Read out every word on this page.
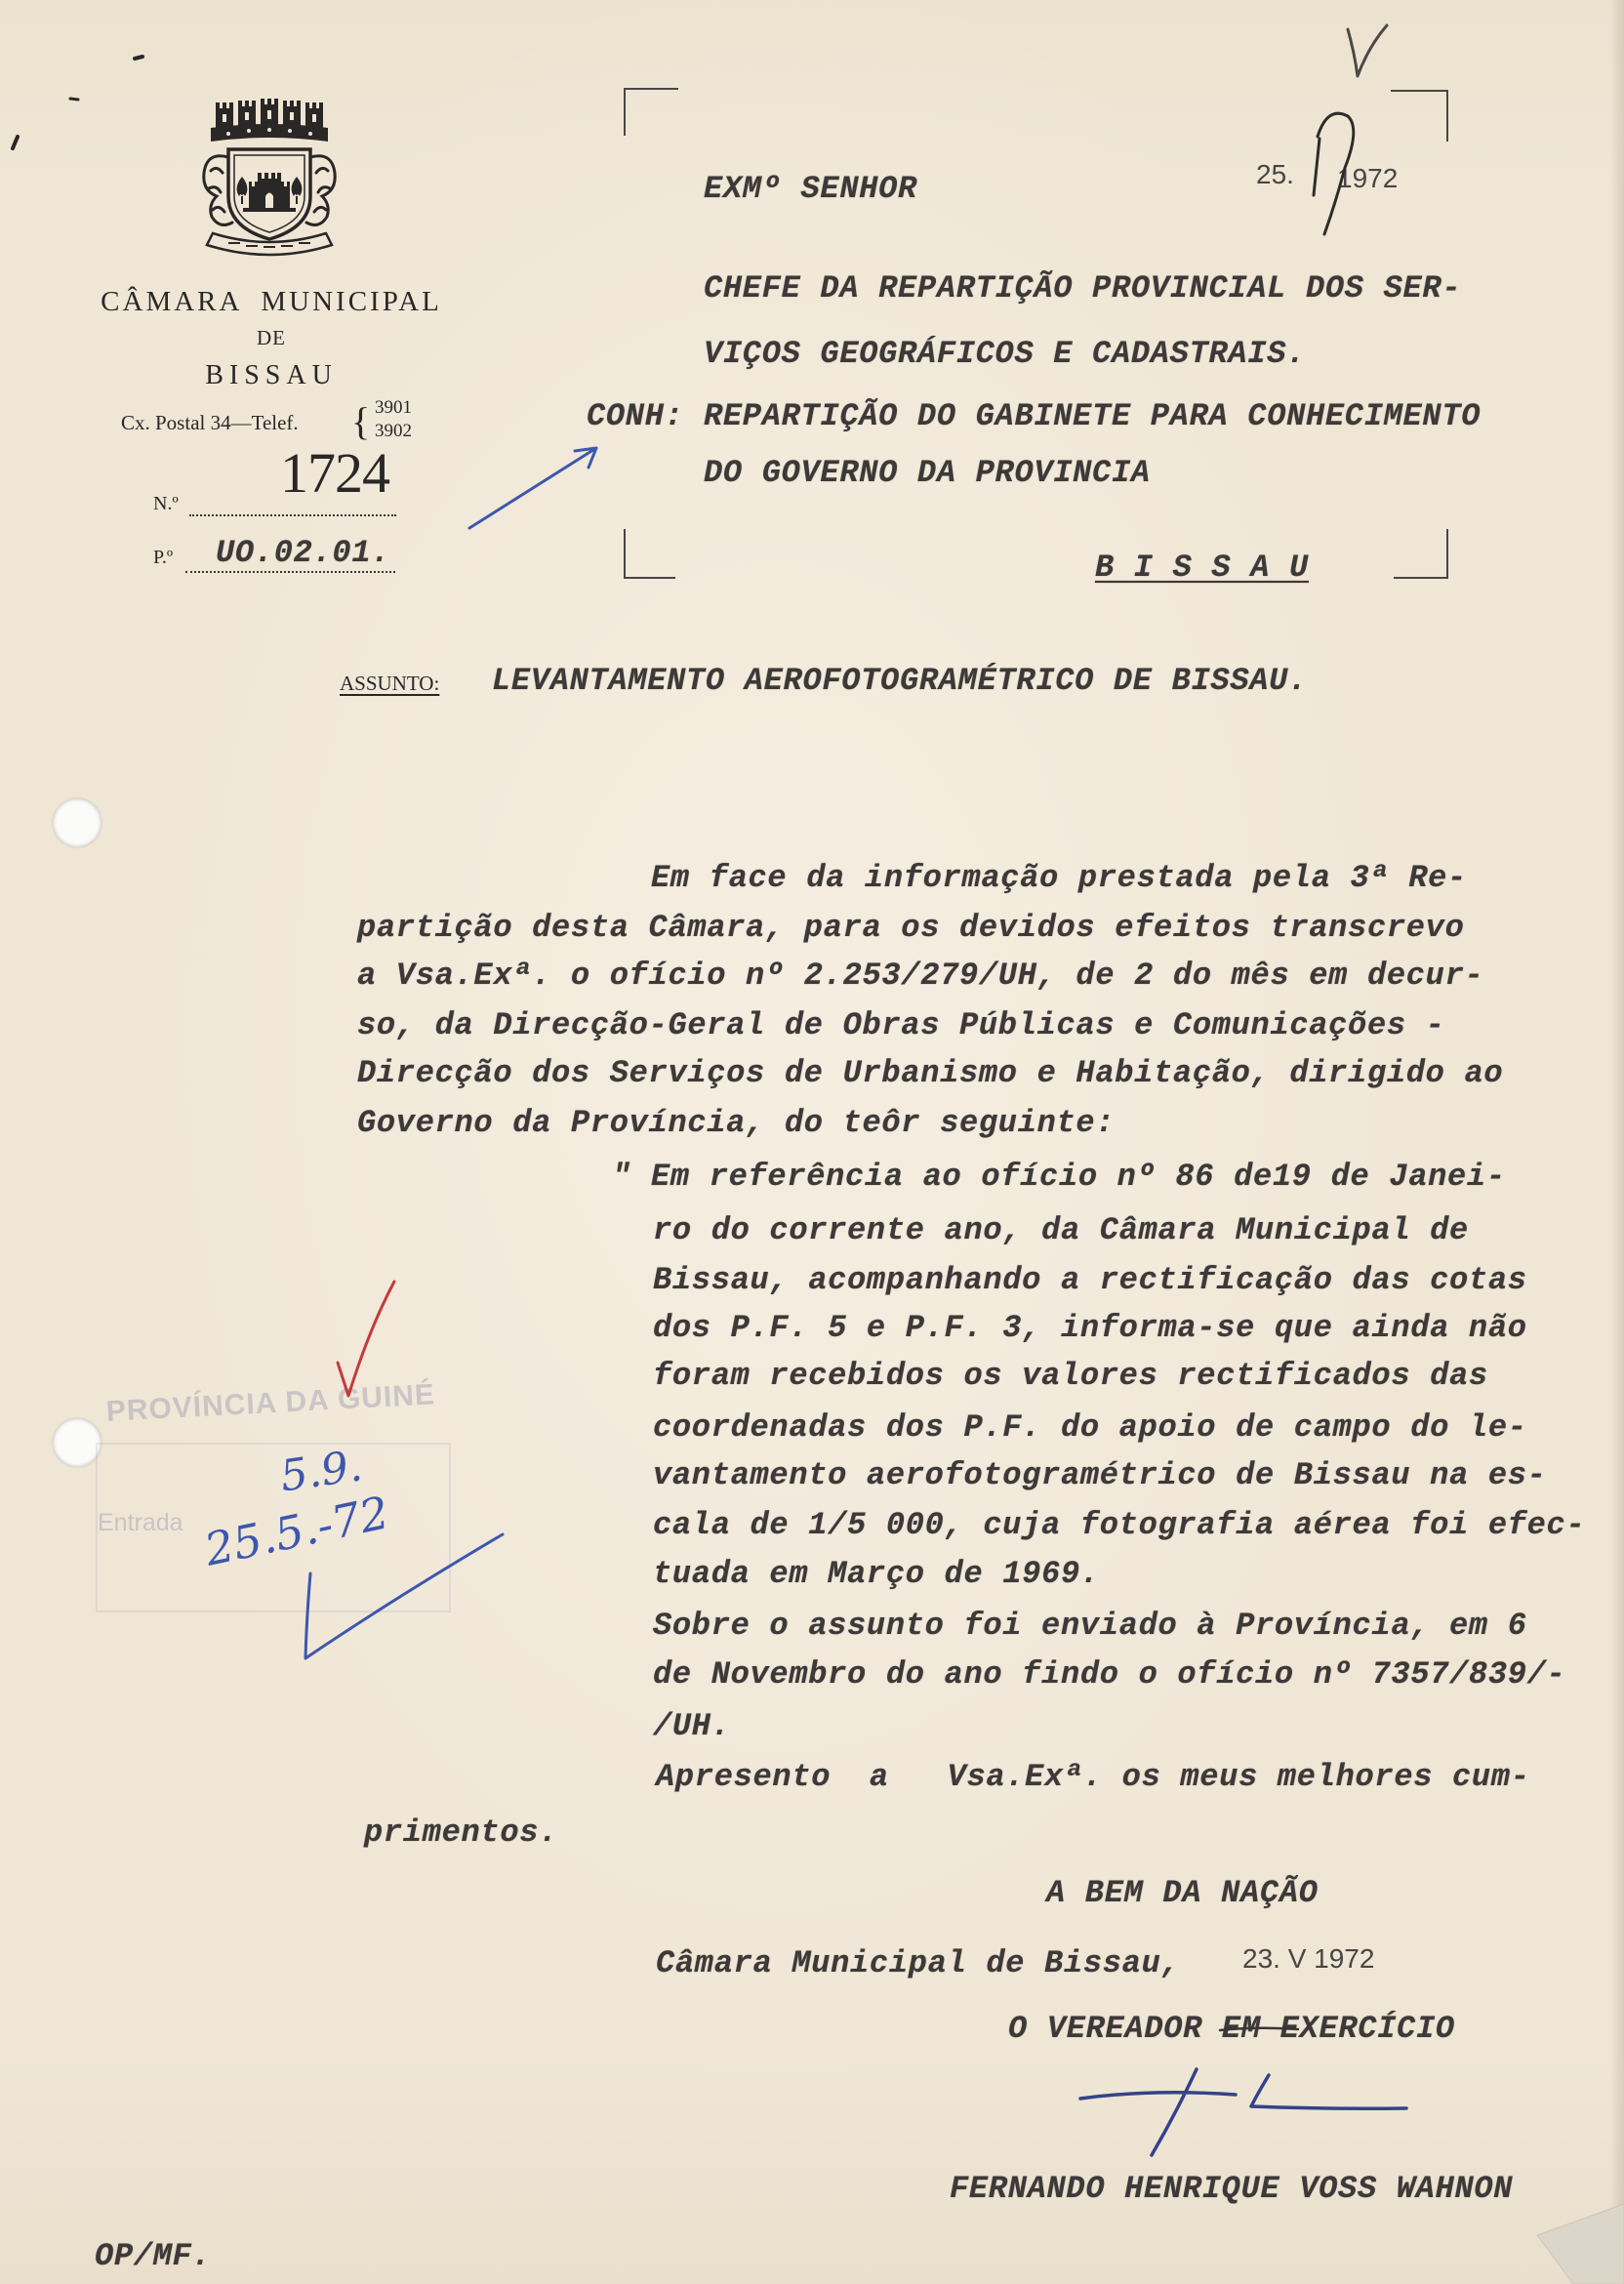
CÂMARA  MUNICIPAL
DE
BISSAU
Cx. Postal 34—Telef. { 3901
3902
1724
N.º
P.º UO.02.01.
25. 1972
EXMº SENHOR
CHEFE DA REPARTIÇÃO PROVINCIAL DOS SER-
VIÇOS GEOGRÁFICOS E CADASTRAIS.
CONH: REPARTIÇÃO DO GABINETE PARA CONHECIMENTO
DO GOVERNO DA PROVINCIA
B I S S A U
ASSUNTO: LEVANTAMENTO AEROFOTOGRAMÉTRICO DE BISSAU.
PROVÍNCIA DA GUINÉ
Entrada
Em face da informação prestada pela 3ª Re-
partição desta Câmara, para os devidos efeitos transcrevo
a Vsa.Exª. o ofício nº 2.253/279/UH, de 2 do mês em decur-
so, da Direcção-Geral de Obras Públicas e Comunicações -
Direcção dos Serviços de Urbanismo e Habitação, dirigido ao
Governo da Província, do teôr seguinte:
" Em referência ao ofício nº 86 de19 de Janei-
ro do corrente ano, da Câmara Municipal de
Bissau, acompanhando a rectificação das cotas
dos P.F. 5 e P.F. 3, informa-se que ainda não
foram recebidos os valores rectificados das
coordenadas dos P.F. do apoio de campo do le-
vantamento aerofotogramétrico de Bissau na es-
cala de 1/5 000, cuja fotografia aérea foi efec-
tuada em Março de 1969.
Sobre o assunto foi enviado à Província, em 6
de Novembro do ano findo o ofício nº 7357/839/-
/UH.
Apresento  a   Vsa.Exª. os meus melhores cum-
primentos.
A BEM DA NAÇÃO
Câmara Municipal de Bissau, 23. V 1972
O VEREADOR EM EXERCÍCIO
FERNANDO HENRIQUE VOSS WAHNON
OP/MF.
5.9.
25.5.-72
